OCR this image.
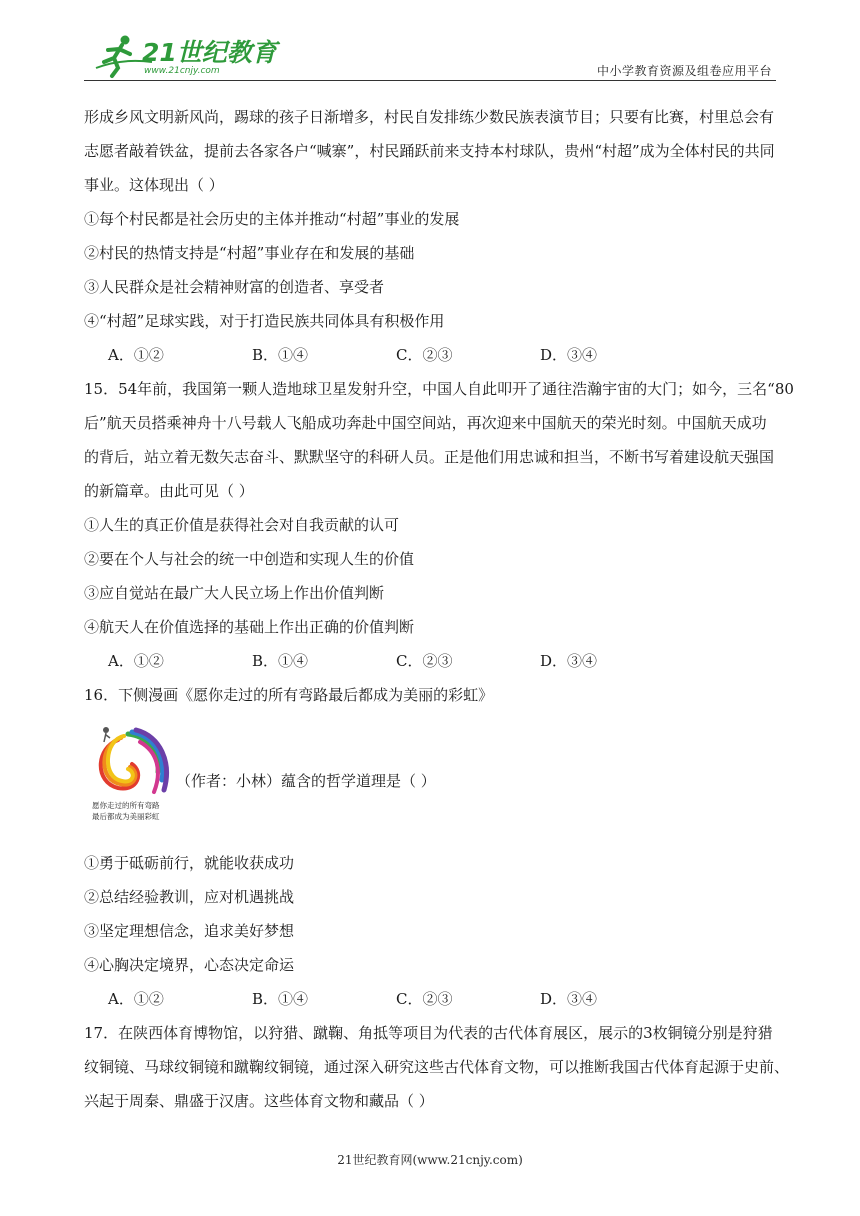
21世纪教育
www.21cnjy.com	中小学教育资源及组卷应用平台

形成乡风文明新风尚，踢球的孩子日渐增多，村民自发排练少数民族表演节目；只要有比赛，村里总会有

志愿者敲着铁盆，提前去各家各户“喊寨”，村民踊跃前来支持本村球队，贵州“村超”成为全体村民的共同

事业。这体现出（ ）

①每个村民都是社会历史的主体并推动“村超”事业的发展

②村民的热情支持是“村超”事业存在和发展的基础

③人民群众是社会精神财富的创造者、享受者

④“村超”足球实践，对于打造民族共同体具有积极作用

A．①②	B．①④	C．②③	D．③④

15．54年前，我国第一颗人造地球卫星发射升空，中国人自此叩开了通往浩瀚宇宙的大门；如今，三名“80

后”航天员搭乘神舟十八号载人飞船成功奔赴中国空间站，再次迎来中国航天的荣光时刻。中国航天成功

的背后，站立着无数矢志奋斗、默默坚守的科研人员。正是他们用忠诚和担当，不断书写着建设航天强国

的新篇章。由此可见（ ）

①人生的真正价值是获得社会对自我贡献的认可

②要在个人与社会的统一中创造和实现人生的价值

③应自觉站在最广大人民立场上作出价值判断

④航天人在价值选择的基础上作出正确的价值判断

A．①②	B．①④	C．②③	D．③④

16．下侧漫画《愿你走过的所有弯路最后都成为美丽的彩虹》

愿你走过的所有弯路
最后都成为美丽彩虹
（作者：小林）蕴含的哲学道理是（ ）

①勇于砥砺前行，就能收获成功

②总结经验教训，应对机遇挑战

③坚定理想信念，追求美好梦想

④心胸决定境界，心态决定命运

A．①②	B．①④	C．②③	D．③④

17．在陕西体育博物馆，以狩猎、蹴鞠、角抵等项目为代表的古代体育展区，展示的3枚铜镜分别是狩猎

纹铜镜、马球纹铜镜和蹴鞠纹铜镜，通过深入研究这些古代体育文物，可以推断我国古代体育起源于史前、

兴起于周秦、鼎盛于汉唐。这些体育文物和藏品（ ）

21世纪教育网(www.21cnjy.com)
